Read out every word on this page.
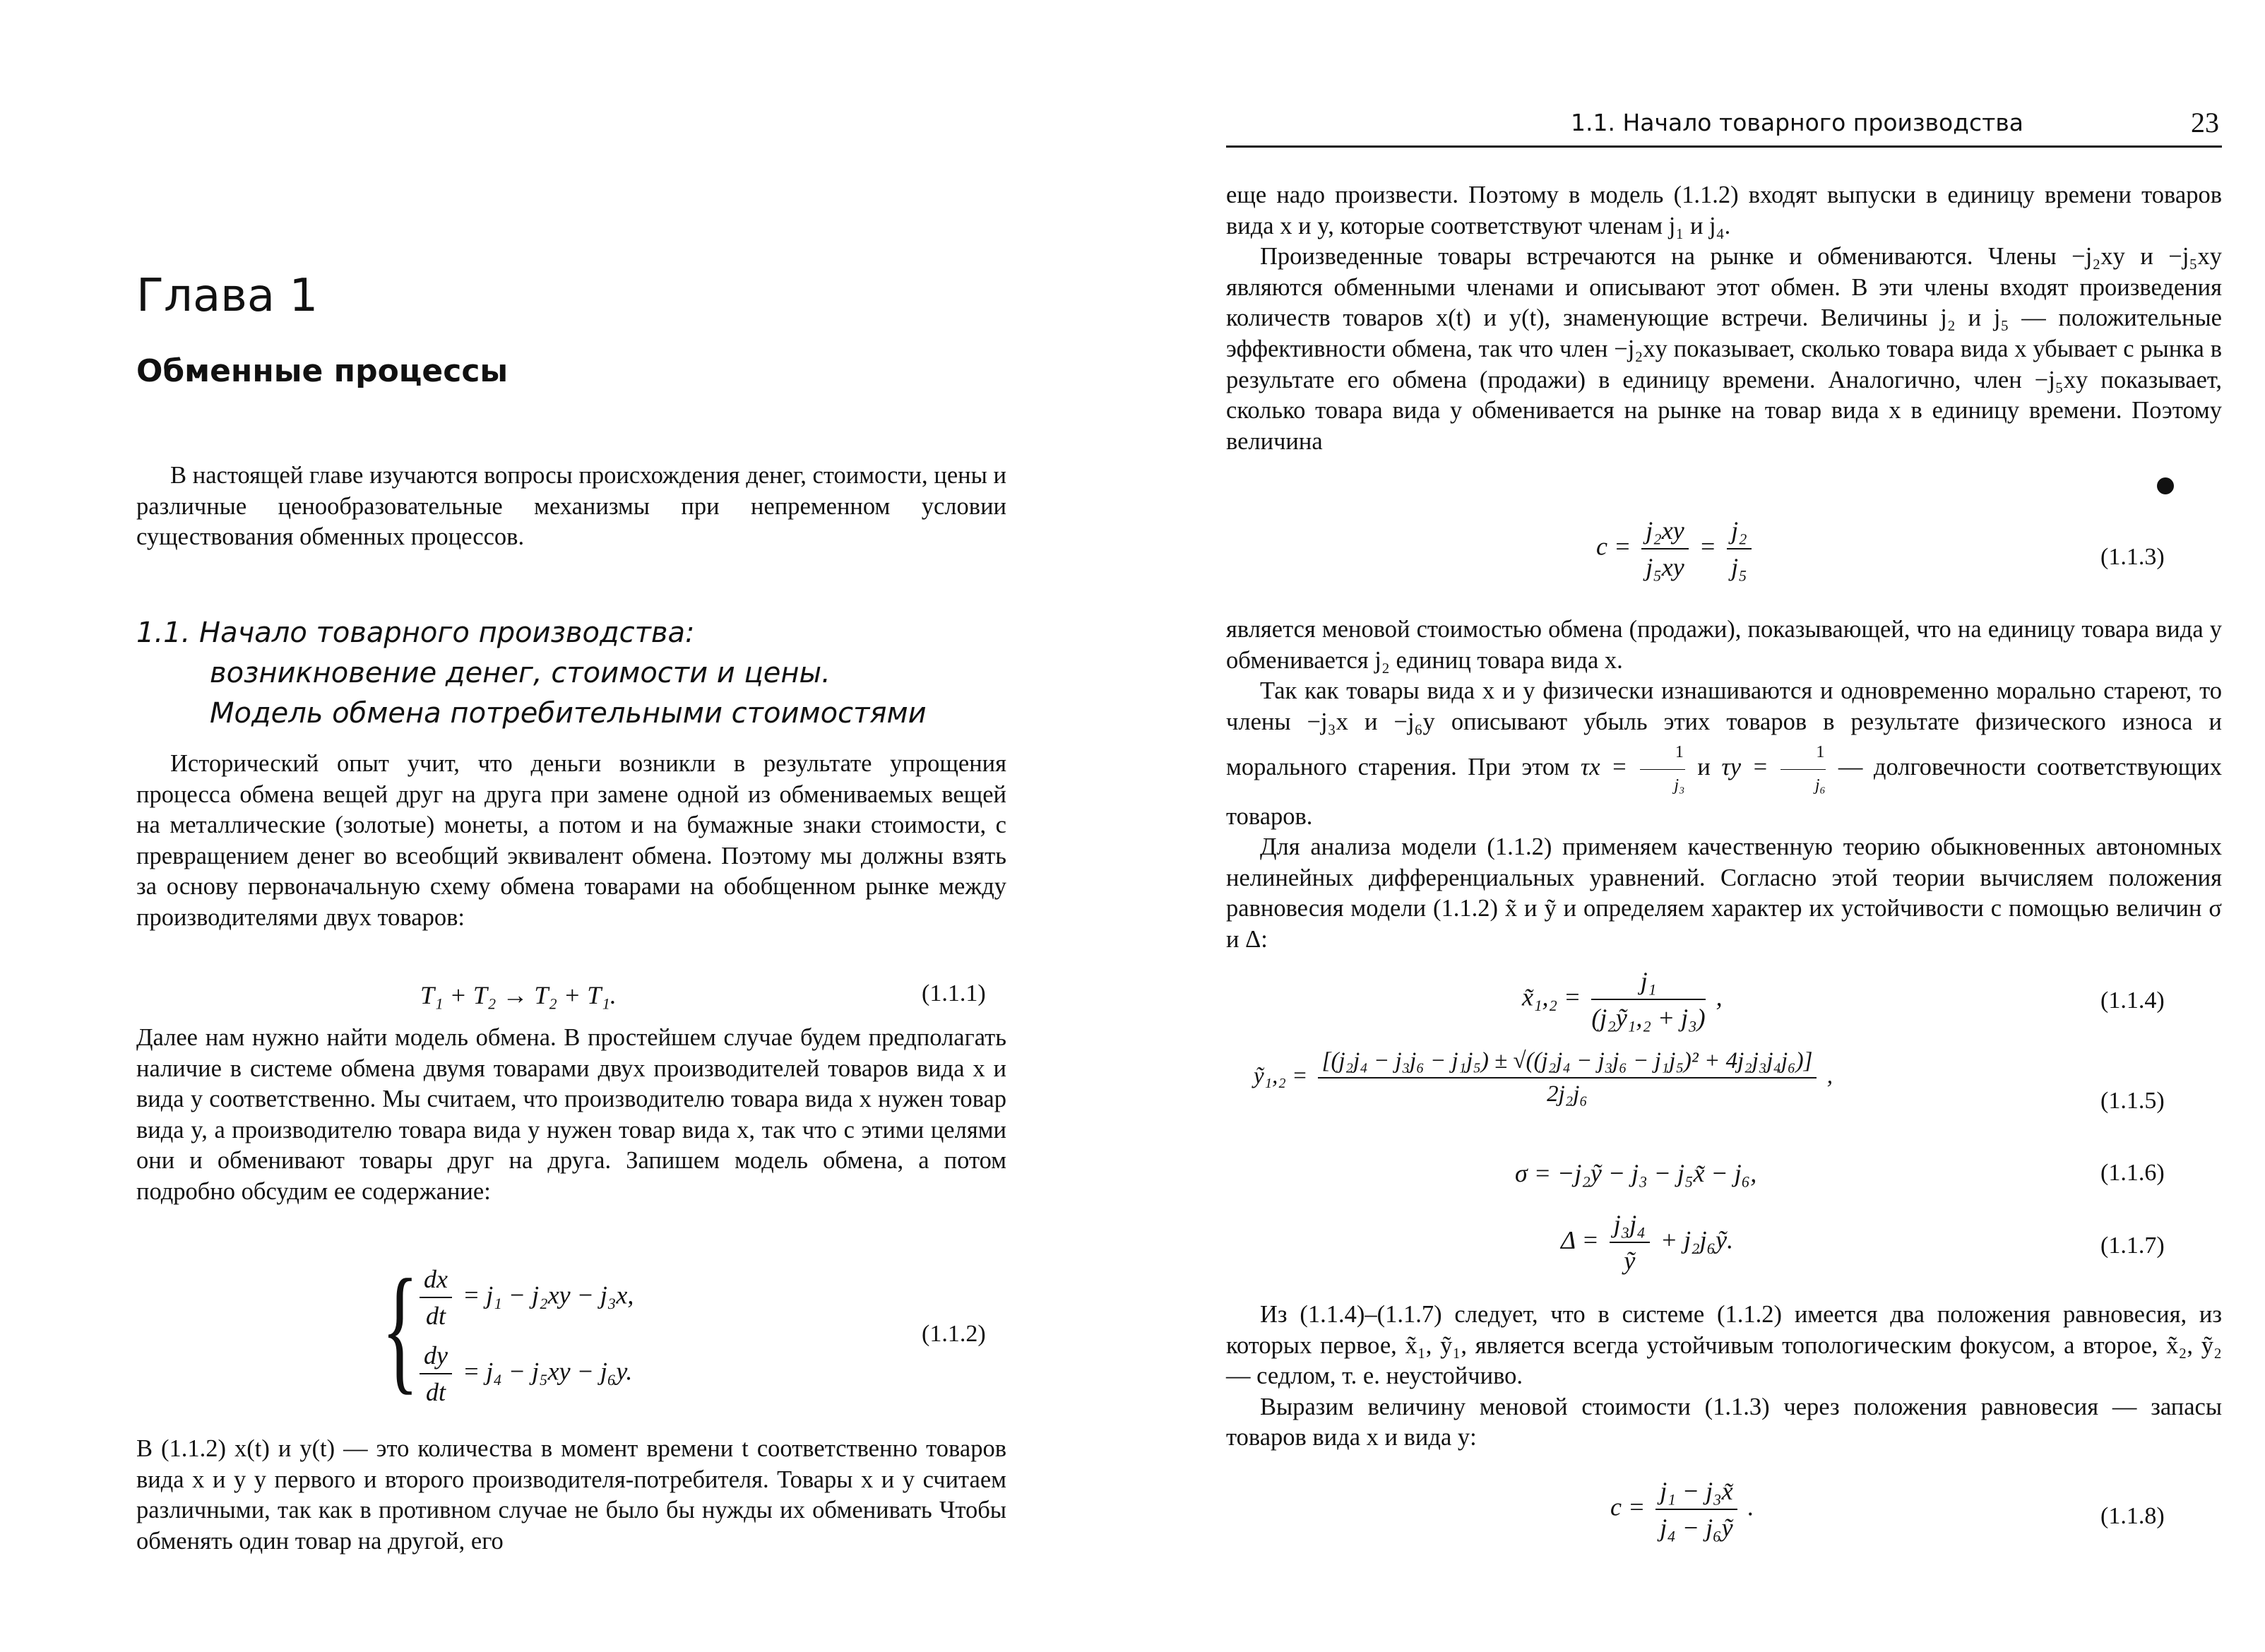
Глава 1
Обменные процессы

В настоящей главе изучаются вопросы происхождения денег, стоимости, цены и различные ценообразовательные механизмы при непременном условии существования обменных процессов.

1.1. Начало товарного производства:
возникновение денег, стоимости и цены.
Модель обмена потребительными стоимостями

Исторический опыт учит, что деньги возникли в результате упрощения процесса обмена вещей друг на друга при замене одной из обмениваемых вещей на металлические (золотые) монеты, а потом и на бумажные знаки стоимости, с превращением денег во всеобщий эквивалент обмена. Поэтому мы должны взять за основу первоначальную схему обмена товарами на обобщенном рынке между производителями двух товаров:

T₁ + T₂ → T₂ + T₁.	(1.1.1)

Далее нам нужно найти модель обмена. В простейшем случае будем предполагать наличие в системе обмена двумя товарами двух производителей товаров вида x и вида y соответственно. Мы считаем, что производителю товара вида x нужен товар вида y, а производителю товара вида y нужен товар вида x, так что с этими целями они и обменивают товары друг на друга. Запишем модель обмена, а потом подробно обсудим ее содержание:

{ $\frac{dx}{dt} = j_1 - j_2xy - j_3x$,
$\frac{dy}{dt} = j_4 - j_5xy - j_6y$.
(1.1.2)

В (1.1.2) x(t) и y(t) — это количества в момент времени t соответственно товаров вида x и y у первого и второго производителя-потребителя. Товары x и y считаем различными, так как в противном случае не было бы нужды их обменивать Чтобы обменять один товар на другой, его

1.1. Начало товарного производства	23

еще надо произвести. Поэтому в модель (1.1.2) входят выпуски в единицу времени товаров вида x и y, которые соответствуют членам j₁ и j₄.

Произведенные товары встречаются на рынке и обмениваются. Члены −j₂xy и −j₅xy являются обменными членами и описывают этот обмен. В эти члены входят произведения количеств товаров x(t) и y(t), знаменующие встречи. Величины j₂ и j₅ — положительные эффективности обмена, так что член −j₂xy показывает, сколько товара вида x убывает с рынка в результате его обмена (продажи) в единицу времени. Аналогично, член −j₅xy показывает, сколько товара вида y обменивается на рынке на товар вида x в единицу времени. Поэтому величина

$c = \frac{\text{j₂xy}}{\text{j₅xy}} = \frac{\text{j₂}}{\text{j₅}}$	(1.1.3)

является меновой стоимостью обмена (продажи), показывающей, что на единицу товара вида y обменивается j₂ единиц товара вида x.

Так как товары вида x и y физически изнашиваются и одновременно морально стареют, то члены −j₃x и −j₆y описывают убыль этих товаров в результате физического износа и морального старения. При этом $\tau x = \frac{1}{\text{j₃}}$ и $\tau y = \frac{1}{\text{j₆}}$ — долговечности соответствующих товаров.

Для анализа модели (1.1.2) применяем качественную теорию обыкновенных автономных нелинейных дифференциальных уравнений. Согласно этой теории вычисляем положения равновесия модели (1.1.2) x̃ и ỹ и определяем характер их устойчивости с помощью величин σ и Δ:

x̃₁,₂ = $\frac{\text{j₁}}{\text{(j₂ỹ₁,₂ + j₃)}}$ ,	(1.1.4)
ỹ₁,₂ =
[(j₂j₄ − j₃j₆ − j₁j₅) ± √((j₂j₄ − j₃j₆ − j₁j₅)² + 4j₂j₃j₄j₆)]
2j₂j₆
,
(1.1.5)
σ = −j₂ỹ − j₃ − j₅x̃ − j₆,	(1.1.6)
$\Delta = \frac{\text{j₃j₄}}{\text{ỹ}}$ + j₂j₆ỹ.	(1.1.7)

Из (1.1.4)–(1.1.7) следует, что в системе (1.1.2) имеется два положения равновесия, из которых первое, x̃₁, ỹ₁, является всегда устойчивым топологическим фокусом, а второе, x̃₂, ỹ₂ — седлом, т. е. неустойчиво.

Выразим величину меновой стоимости (1.1.3) через положения равновесия — запасы товаров вида x и вида y:

$c = \frac{\text{j₁ − j₃x̃}}{\text{j₄ − j₆ỹ}}$ .	(1.1.8)
